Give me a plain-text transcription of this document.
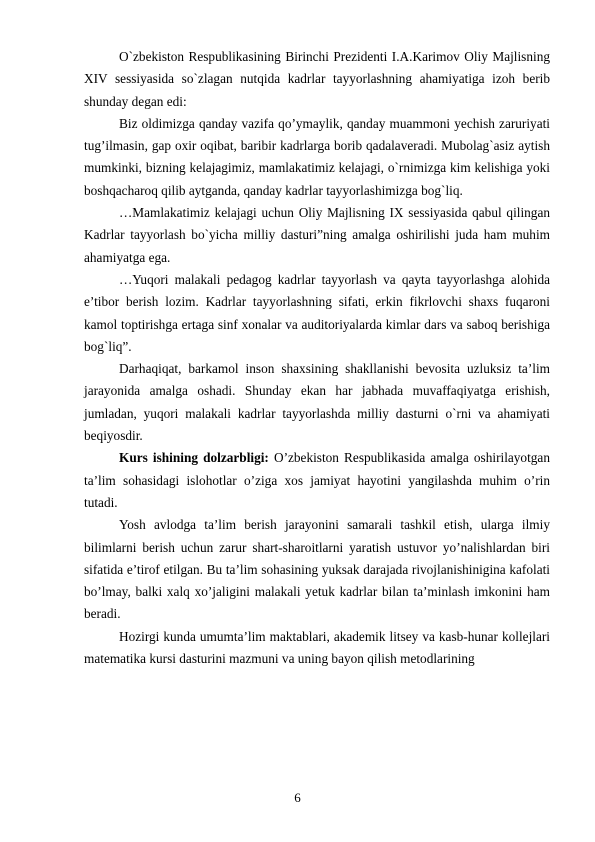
O`zbekiston Respublikasining Birinchi Prezidenti I.A.Karimov Oliy Majlisning XIV sessiyasida so`zlagan nutqida kadrlar tayyorlashning ahamiyatiga izoh berib shunday degan edi:

Biz oldimizga qanday vazifa qo’ymaylik, qanday muammoni yechish zaruriyati tug’ilmasin, gap oxir oqibat, baribir kadrlarga borib qadalaveradi. Mubolag`asiz aytish mumkinki, bizning kelajagimiz, mamlakatimiz kelajagi, o`rnimizga kim kelishiga yoki boshqacharoq qilib aytganda, qanday kadrlar tayyorlashimizga bog`liq.

…Mamlakatimiz kelajagi uchun Oliy Majlisning IX sessiyasida qabul qilingan Kadrlar tayyorlash bo`yicha milliy dasturi”ning amalga oshirilishi juda ham muhim ahamiyatga ega.

…Yuqori malakali pedagog kadrlar tayyorlash va qayta tayyorlashga alohida e’tibor berish lozim. Kadrlar tayyorlashning sifati, erkin fikrlovchi shaxs fuqaroni kamol toptirishga ertaga sinf xonalar va auditoriyalarda kimlar dars va saboq berishiga bog`liq”.

Darhaqiqat, barkamol inson shaxsining shakllanishi bevosita uzluksiz ta’lim jarayonida amalga oshadi. Shunday ekan har jabhada muvaffaqiyatga erishish, jumladan, yuqori malakali kadrlar tayyorlashda milliy dasturni o`rni va ahamiyati beqiyosdir.

Kurs ishining dolzarbligi: O’zbekiston Respublikasida amalga oshirilayotgan ta’lim sohasidagi islohotlar o’ziga xos jamiyat hayotini yangilashda muhim o’rin tutadi.

Yosh avlodga ta’lim berish jarayonini samarali tashkil etish, ularga ilmiy bilimlarni berish uchun zarur shart-sharoitlarni yaratish ustuvor yo’nalishlardan biri sifatida e’tirof etilgan. Bu ta’lim sohasining yuksak darajada rivojlanishinigina kafolati bo’lmay, balki xalq xo’jaligini malakali yetuk kadrlar bilan ta’minlash imkonini ham beradi.

Hozirgi kunda umumta’lim maktablari, akademik litsey va kasb-hunar kollejlari matematika kursi dasturini mazmuni va uning bayon qilish metodlarining

6
